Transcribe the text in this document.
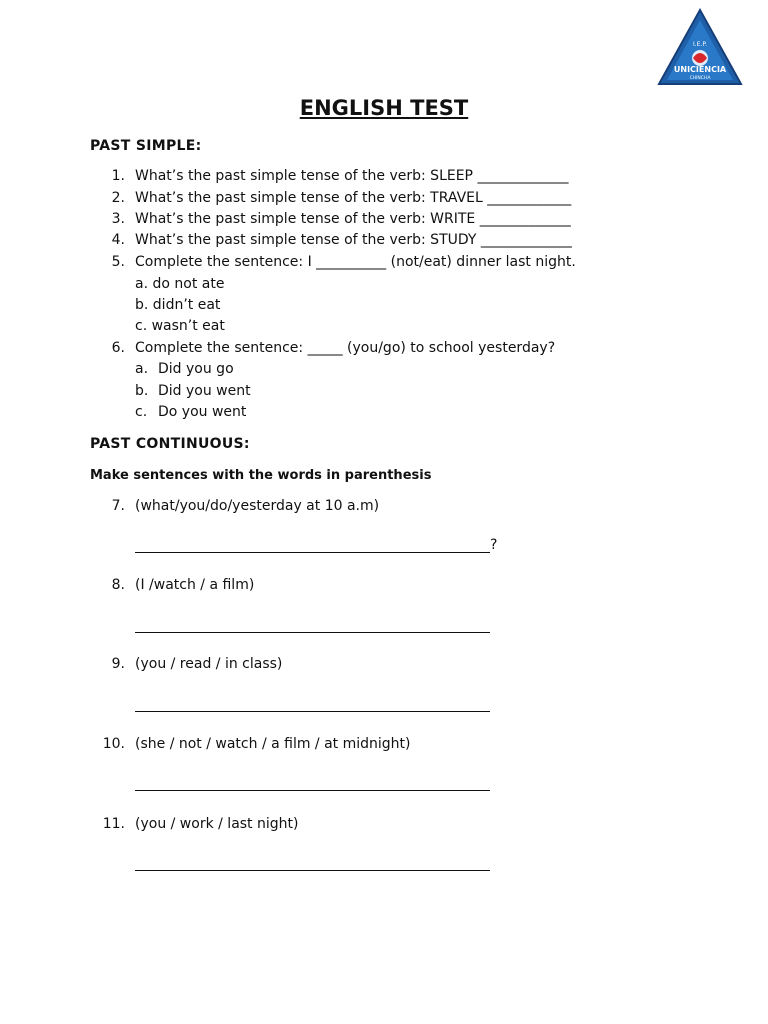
I.E.P.
UNICIENCIA
CHINCHA
ENGLISH TEST
PAST SIMPLE:
1. What’s the past simple tense of the verb: SLEEP _____________
2. What’s the past simple tense of the verb: TRAVEL ____________
3. What’s the past simple tense of the verb: WRITE _____________
4. What’s the past simple tense of the verb: STUDY _____________
5. Complete the sentence: I __________ (not/eat) dinner last night.
a. do not ate
b. didn’t eat
c. wasn’t eat
6. Complete the sentence: _____ (you/go) to school yesterday?
a. Did you go
b. Did you went
c. Do you went
PAST CONTINUOUS:
Make sentences with the words in parenthesis
7. (what/you/do/yesterday at 10 a.m)
?
8. (I /watch / a film)
9. (you / read / in class)
10. (she / not / watch / a film / at midnight)
11. (you / work / last night)
